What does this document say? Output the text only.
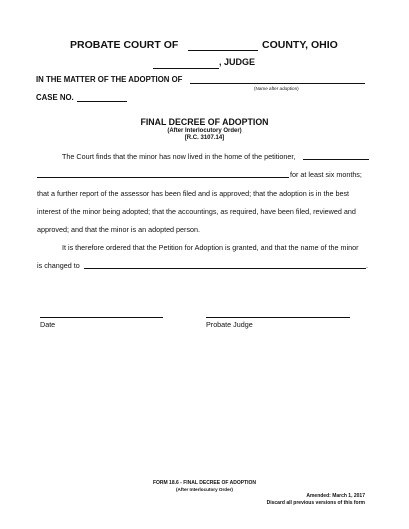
PROBATE COURT OF	COUNTY, OHIO
, JUDGE
IN THE MATTER OF THE ADOPTION OF
(Name after adoption)
CASE NO.
FINAL DECREE OF ADOPTION
(After Interlocutory Order)
[R.C. 3107.14]
The Court finds that the minor has now lived in the home of the petitioner,
for at least six months;
that a further report of the assessor has been filed and is approved; that the adoption is in the best
interest of the minor being adopted; that the accountings, as required, have been filed, reviewed and
approved; and that the minor is an adopted person.
It is therefore ordered that the Petition for Adoption is granted, and that the name of the minor
is changed to	.
Date	Probate Judge
FORM 18.6 - FINAL DECREE OF ADOPTION
(After Interlocutory Order)
Amended: March 1, 2017
Discard all previous versions of this form
